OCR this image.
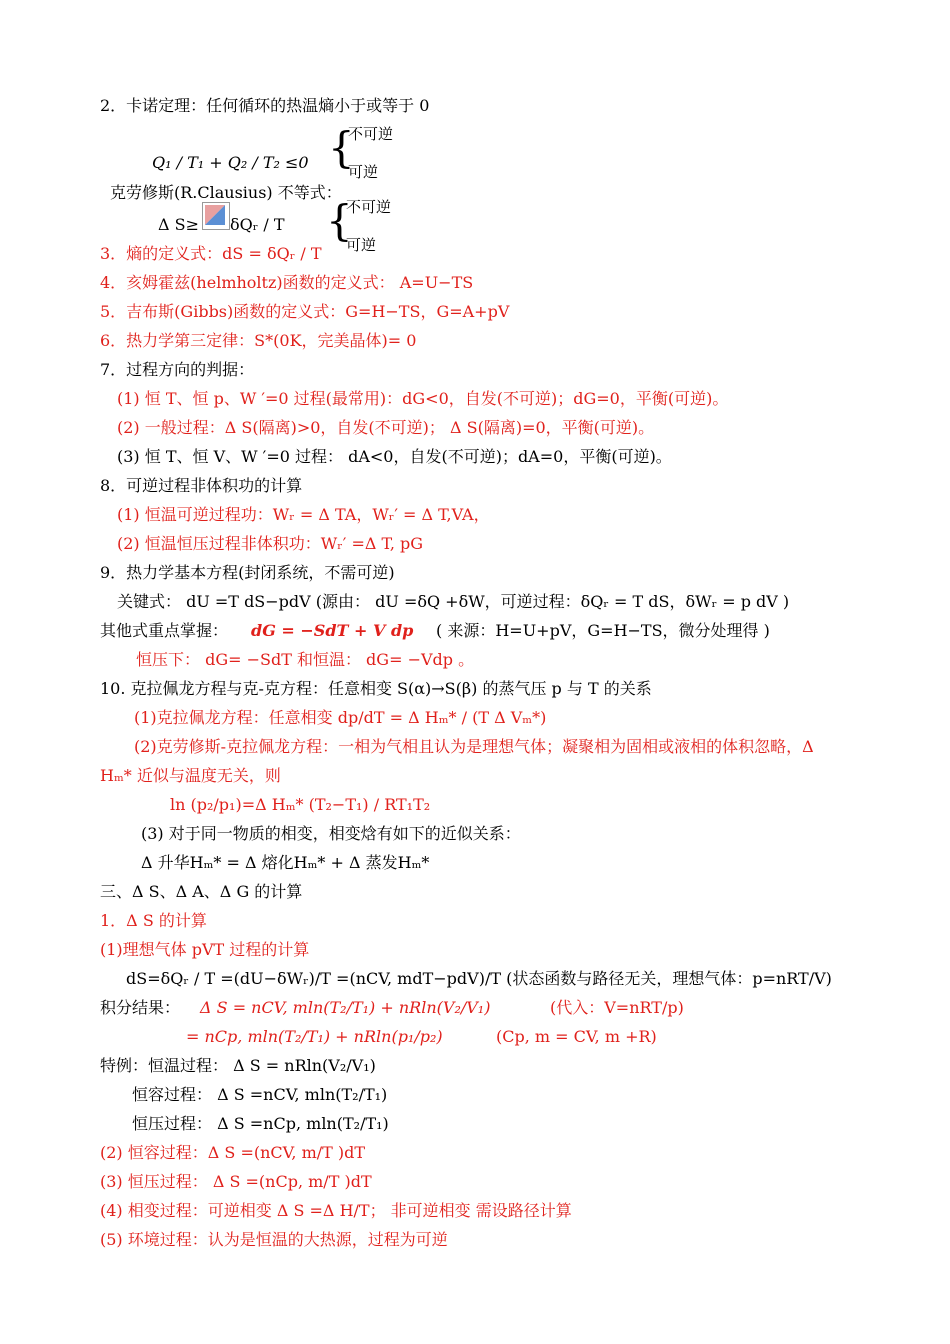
2．卡诺定理：任何循环的热温熵小于或等于 0
Q₁ / T₁ + Q₂ / T₂ ≤0 {
不可逆
可逆
克劳修斯(R.Clausius) 不等式：
Δ S≥ δQᵣ / T {
不可逆
可逆
3．熵的定义式：dS = δQᵣ / T
4．亥姆霍兹(helmholtz)函数的定义式： A=U−TS
5．吉布斯(Gibbs)函数的定义式：G=H−TS，G=A+pV
6．热力学第三定律：S*(0K，完美晶体)= 0
7．过程方向的判据：
(1) 恒 T、恒 p、W ′=0 过程(最常用)：dG<0，自发(不可逆)；dG=0，平衡(可逆)。
(2) 一般过程：Δ S(隔离)>0，自发(不可逆)； Δ S(隔离)=0，平衡(可逆)。
(3) 恒 T、恒 V、W ′=0 过程： dA<0，自发(不可逆)；dA=0，平衡(可逆)。
8．可逆过程非体积功的计算
(1) 恒温可逆过程功：Wᵣ = Δ TA，Wᵣ′ = Δ T,VA，
(2) 恒温恒压过程非体积功：Wᵣ′ =Δ T, pG
9．热力学基本方程(封闭系统，不需可逆)
关键式： dU =T dS−pdV (源由： dU =δQ +δW，可逆过程：δQᵣ = T dS，δWᵣ = p dV )
其他式重点掌握： dG = −SdT + V dp ( 来源：H=U+pV，G=H−TS，微分处理得 )
恒压下： dG= −SdT 和恒温： dG= −Vdp 。
10. 克拉佩龙方程与克-克方程：任意相变 S(α)→S(β) 的蒸气压 p 与 T 的关系
(1)克拉佩龙方程：任意相变 dp/dT = Δ Hₘ* / (T Δ Vₘ*)
(2)克劳修斯-克拉佩龙方程：一相为气相且认为是理想气体；凝聚相为固相或液相的体积忽略，Δ
Hₘ* 近似与温度无关，则
ln (p₂/p₁)=Δ Hₘ* (T₂−T₁) / RT₁T₂
(3) 对于同一物质的相变，相变焓有如下的近似关系：
Δ 升华Hₘ* = Δ 熔化Hₘ* + Δ 蒸发Hₘ*
三、Δ S、Δ A、Δ G 的计算
1．Δ S 的计算
(1)理想气体 pVT 过程的计算
dS=δQᵣ / T =(dU−δWᵣ)/T =(nCV, mdT−pdV)/T (状态函数与路径无关，理想气体：p=nRT/V)
积分结果： Δ S = nCV, mln(T₂/T₁) + nRln(V₂/V₁)	(代入：V=nRT/p)
= nCp, mln(T₂/T₁) + nRln(p₁/p₂)	(Cp, m = CV, m +R)
特例：恒温过程： Δ S = nRln(V₂/V₁)
恒容过程： Δ S =nCV, mln(T₂/T₁)
恒压过程： Δ S =nCp, mln(T₂/T₁)
(2) 恒容过程：Δ S =(nCV, m/T )dT
(3) 恒压过程： Δ S =(nCp, m/T )dT
(4) 相变过程：可逆相变 Δ S =Δ H/T； 非可逆相变 需设路径计算
(5) 环境过程：认为是恒温的大热源，过程为可逆
